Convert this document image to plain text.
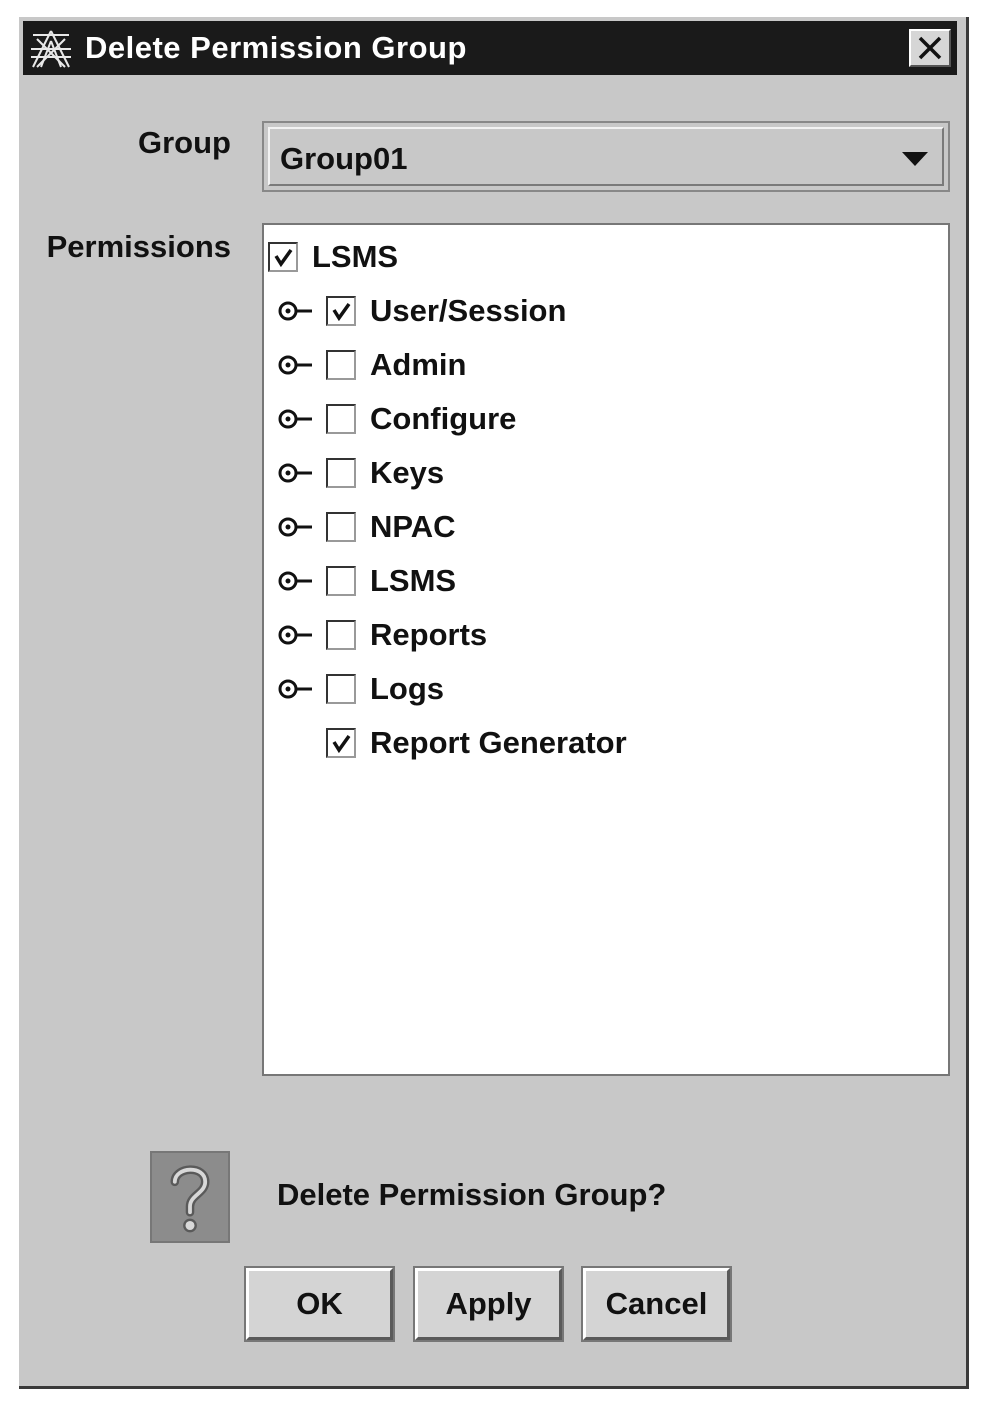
Delete Permission Group
Group Group01
Permissions	LSMS
User/Session
Admin
Configure
Keys
NPAC
LSMS
Reports
Logs
Report Generator
Delete Permission Group?
OK	Apply	Cancel
